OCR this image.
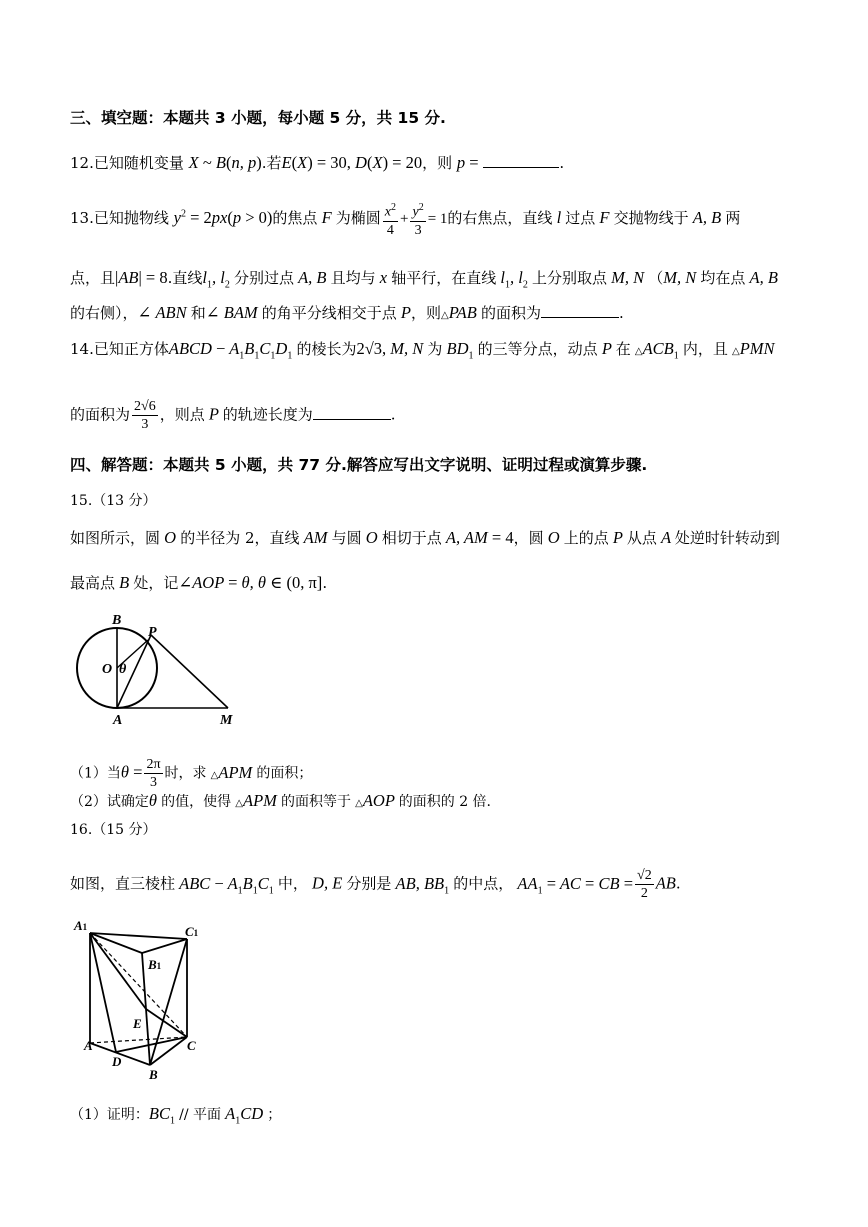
三、填空题：本题共 3 小题，每小题 5 分，共 15 分.
12.已知随机变量 X ~ B(n, p).若E(X) = 30, D(X) = 20，则 p =	.
13.已知抛物线 $y^2 = 2px(p > 0)$的焦点 F 为椭圆 $\frac{x^2}{4} + \frac{y^2}{3} = 1$的右焦点，直线 l 过点 F 交抛物线于 A, B 两
点，且|AB| = 8.直线$l_1$, $l_2$ 分别过点 A, B 且均与 x 轴平行，在直线 $l_1$, $l_2$ 上分别取点 M, N （M, N 均在点 A, B
的右侧），∠ ABN 和∠ BAM 的角平分线相交于点 P，则△PAB 的面积为	.
14.已知正方体ABCD − $A_1B_1C_1D_1$ 的棱长为2√3, M, N 为 $BD_1$ 的三等分点，动点 P 在 $\triangle ACB_1$ 内，且 △PMN
的面积为 $\frac{2√6}{3}$ ，则点 P 的轨迹长度为	.
四、解答题：本题共 5 小题，共 77 分.解答应写出文字说明、证明过程或演算步骤.
15.（13 分）
如图所示，圆 O 的半径为 2，直线 AM 与圆 O 相切于点 A, AM = 4，圆 O 上的点 P 从点 A 处逆时针转动到
最高点 B 处，记∠AOP = θ, θ ∈ (0, π].
B
P
O θ
A	M
（1）当$\theta = \frac{2\pi}{3}$ 时，求 △APM 的面积；
（2）试确定θ 的值，使得 △APM 的面积等于 △AOP 的面积的 2 倍.
16.（15 分）
如图，直三棱柱 ABC − $A_1B_1C_1$ 中， D, E 分别是 AB, $BB_1$ 的中点， $AA_1$ = AC = CB = $\frac{√2}{2}$ AB.
A1	C1
B1
E
A
D
C
B
（1）证明：$BC_1$ // 平面 $A_1CD$ ；
